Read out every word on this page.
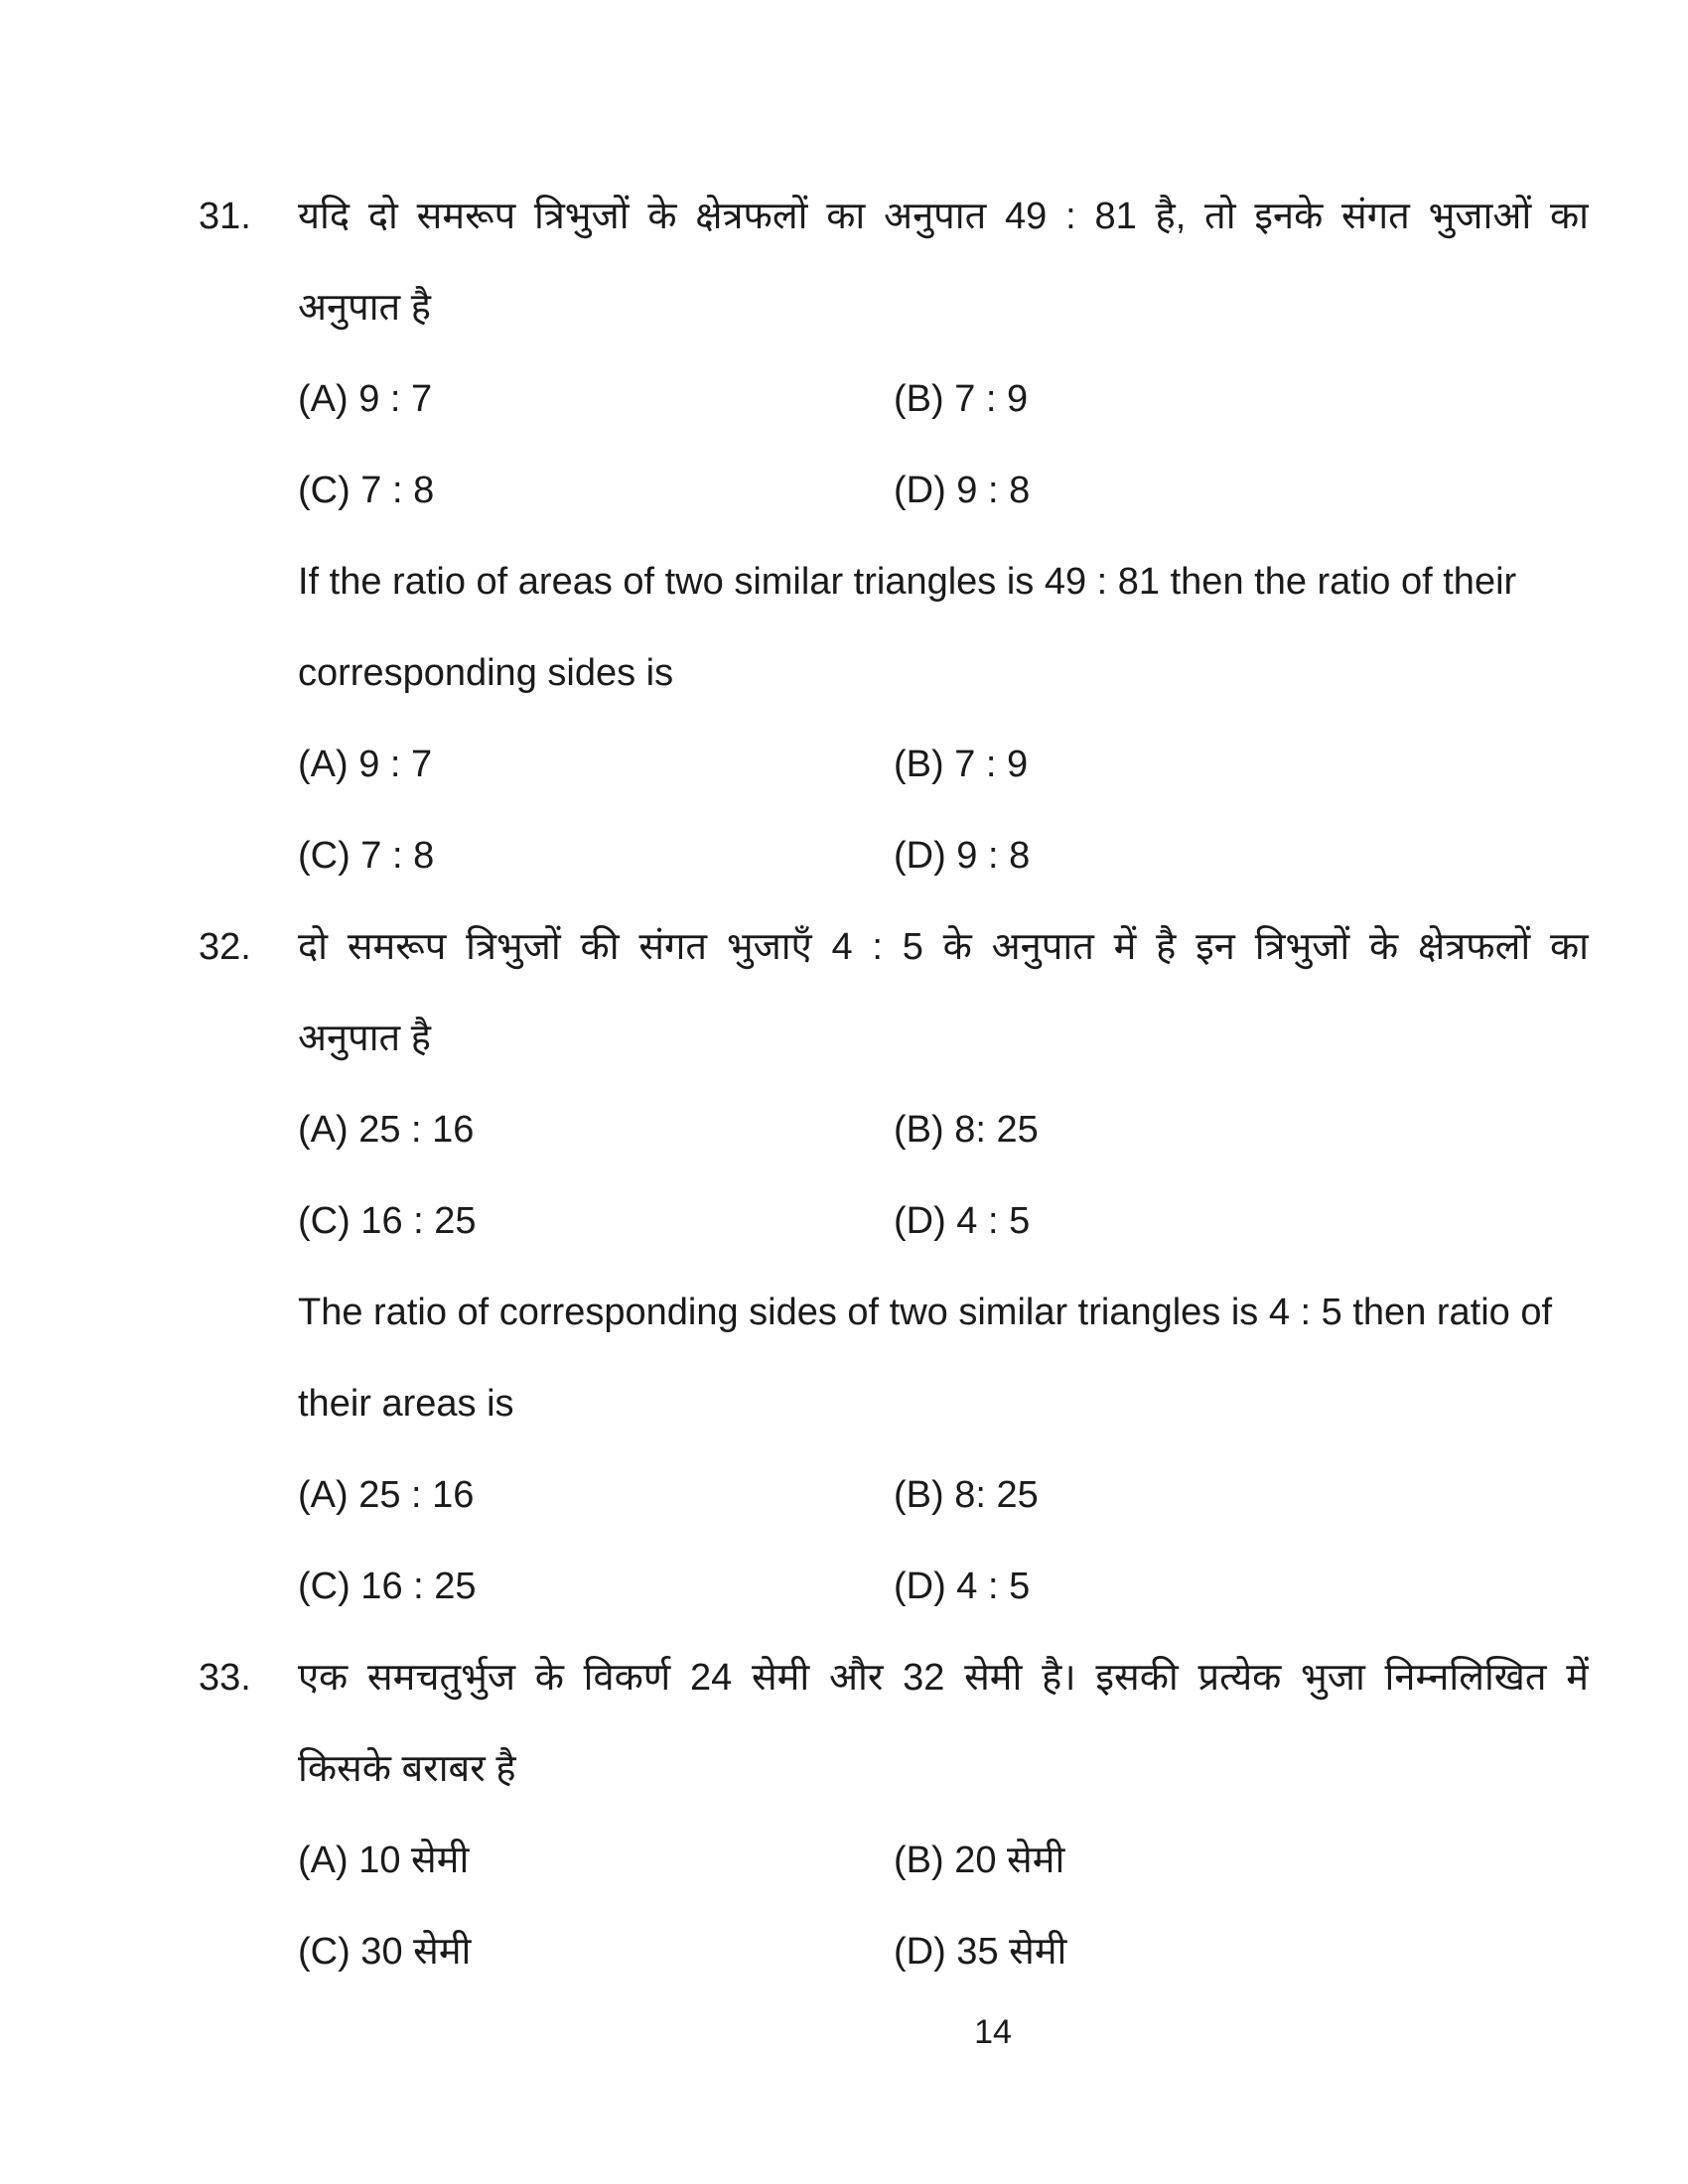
31. यदि दो समरूप त्रिभुजों के क्षेत्रफलों का अनुपात 49 : 81 है, तो इनके संगत भुजाओं का
अनुपात है
(A) 9 : 7	(B) 7 : 9
(C) 7 : 8	(D) 9 : 8
If the ratio of areas of two similar triangles is 49 : 81 then the ratio of their
corresponding sides is
(A) 9 : 7	(B) 7 : 9
(C) 7 : 8	(D) 9 : 8
32. दो समरूप त्रिभुजों की संगत भुजाएँ 4 : 5 के अनुपात में है इन त्रिभुजों के क्षेत्रफलों का
अनुपात है
(A) 25 : 16	(B) 8: 25
(C) 16 : 25	(D) 4 : 5
The ratio of corresponding sides of two similar triangles is 4 : 5 then ratio of
their areas is
(A) 25 : 16	(B) 8: 25
(C) 16 : 25	(D) 4 : 5
33. एक समचतुर्भुज के विकर्ण 24 सेमी और 32 सेमी है। इसकी प्रत्येक भुजा निम्नलिखित में
किसके बराबर है
(A) 10 सेमी	(B) 20 सेमी
(C) 30 सेमी	(D) 35 सेमी
14
